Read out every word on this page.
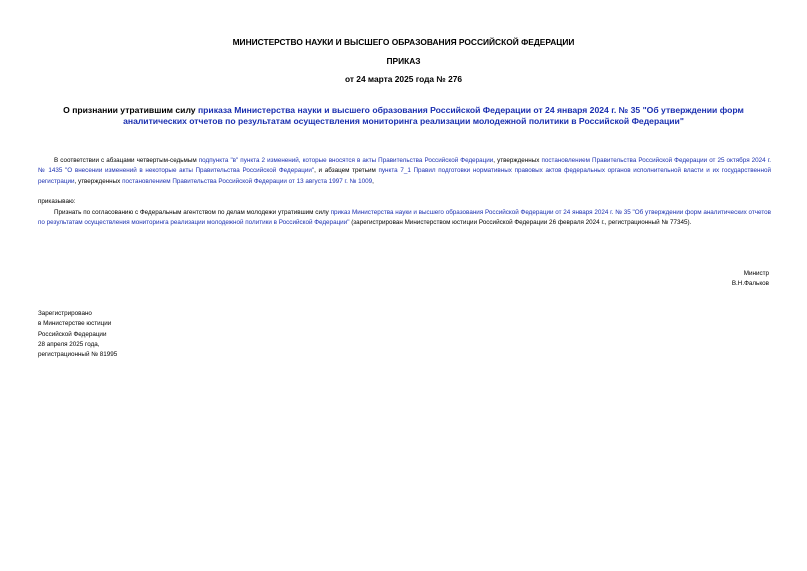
МИНИСТЕРСТВО НАУКИ И ВЫСШЕГО ОБРАЗОВАНИЯ РОССИЙСКОЙ ФЕДЕРАЦИИ
ПРИКАЗ
от 24 марта 2025 года № 276
О признании утратившим силу приказа Министерства науки и высшего образования Российской Федерации от 24 января 2024 г. № 35 "Об утверждении форм аналитических отчетов по результатам осуществления мониторинга реализации молодежной политики в Российской Федерации"
В соответствии с абзацами четвертым-седьмым подпункта "в" пункта 2 изменений, которые вносятся в акты Правительства Российской Федерации, утвержденных постановлением Правительства Российской Федерации от 25 октября 2024 г. № 1435 "О внесении изменений в некоторые акты Правительства Российской Федерации", и абзацем третьим пункта 7_1 Правил подготовки нормативных правовых актов федеральных органов исполнительной власти и их государственной регистрации, утвержденных постановлением Правительства Российской Федерации от 13 августа 1997 г. № 1009,
приказываю:
Признать по согласованию с Федеральным агентством по делам молодежи утратившим силу приказ Министерства науки и высшего образования Российской Федерации от 24 января 2024 г. № 35 "Об утверждении форм аналитических отчетов по результатам осуществления мониторинга реализации молодежной политики в Российской Федерации" (зарегистрирован Министерством юстиции Российской Федерации 26 февраля 2024 г., регистрационный № 77345).
Министр
В.Н.Фальков
Зарегистрировано
в Министерстве юстиции
Российской Федерации
28 апреля 2025 года,
регистрационный № 81995
